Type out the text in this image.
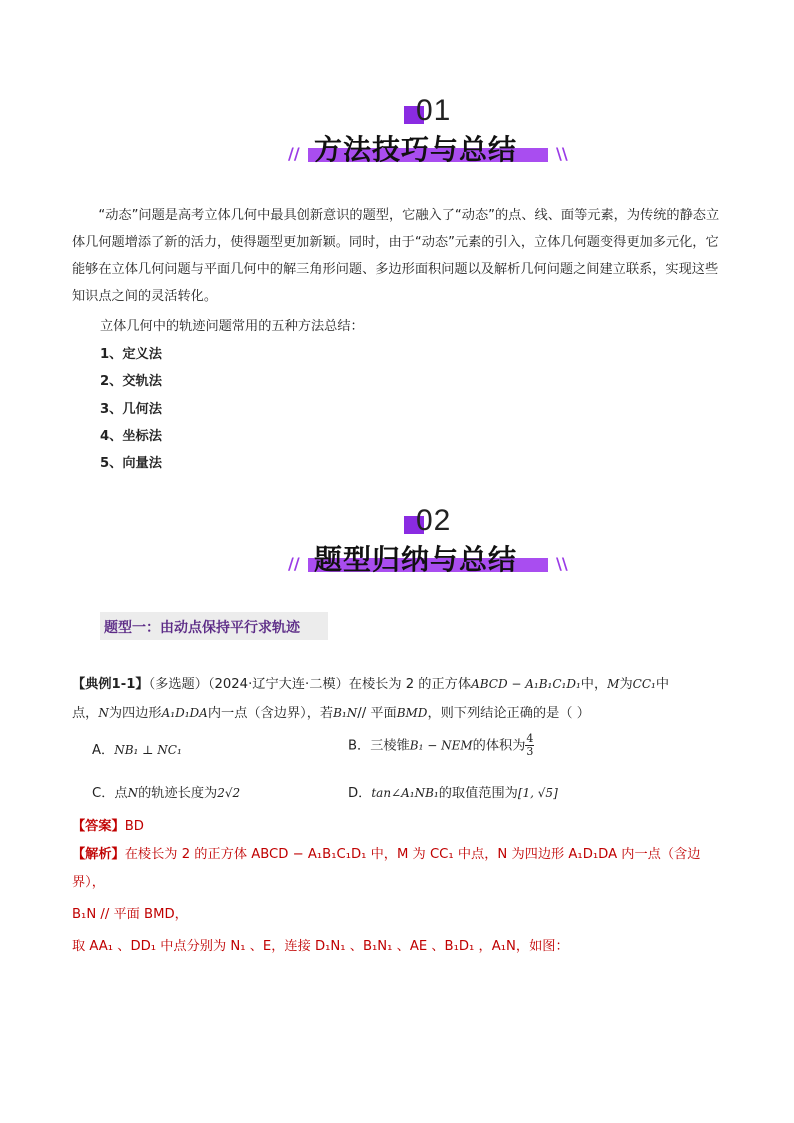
01
// 方法技巧与总结 \\
“动态”问题是高考立体几何中最具创新意识的题型，它融入了“动态”的点、线、面等元素，为传统的静态立体几何题增添了新的活力，使得题型更加新颖。同时，由于“动态”元素的引入，立体几何题变得更加多元化，它能够在立体几何问题与平面几何中的解三角形问题、多边形面积问题以及解析几何问题之间建立联系，实现这些知识点之间的灵活转化。
立体几何中的轨迹问题常用的五种方法总结：
1、定义法
2、交轨法
3、几何法
4、坐标法
5、向量法
02
// 题型归纳与总结 \\
题型一：由动点保持平行求轨迹
【典例1-1】（多选题）（2024·辽宁大连·二模）在棱长为 2 的正方体ABCD − A₁B₁C₁D₁中，M为CC₁中
点，N为四边形A₁D₁DA内一点（含边界），若B₁N// 平面BMD，则下列结论正确的是（ ）
A．NB₁ ⊥ NC₁	B．三棱锥B₁ − NEM的体积为 $\frac{4}{3}$
C．点N的轨迹长度为2√2	D．tan∠A₁NB₁的取值范围为[1, √5]
【答案】BD
【解析】在棱长为 2 的正方体 ABCD − A₁B₁C₁D₁ 中，M 为 CC₁ 中点，N 为四边形 A₁D₁DA 内一点（含边
界），
B₁N // 平面 BMD，
取 AA₁ 、DD₁ 中点分别为 N₁ 、E，连接 D₁N₁ 、B₁N₁ 、AE 、B₁D₁ ，A₁N，如图：
